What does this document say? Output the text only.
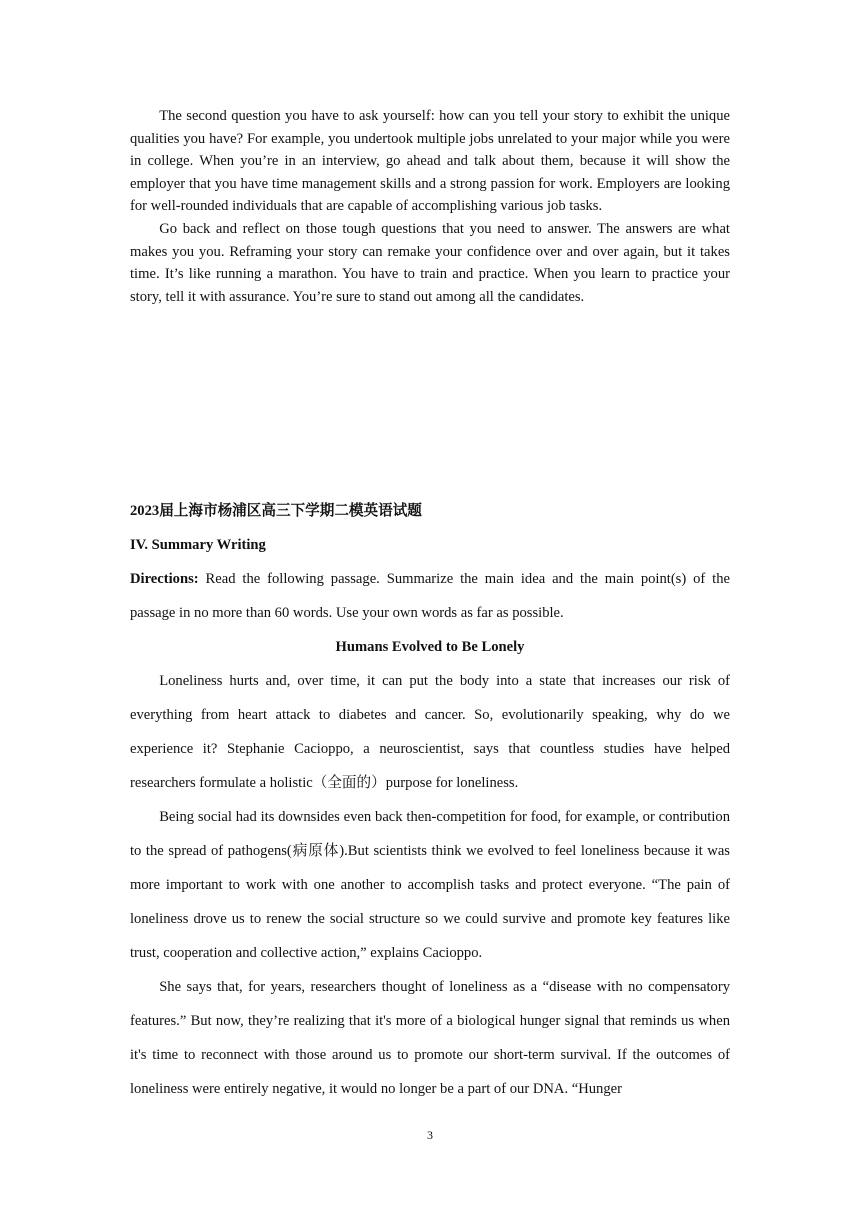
The second question you have to ask yourself: how can you tell your story to exhibit the unique qualities you have? For example, you undertook multiple jobs unrelated to your major while you were in college. When you’re in an interview, go ahead and talk about them, because it will show the employer that you have time management skills and a strong passion for work. Employers are looking for well-rounded individuals that are capable of accomplishing various job tasks.

Go back and reflect on those tough questions that you need to answer. The answers are what makes you you. Reframing your story can remake your confidence over and over again, but it takes time. It’s like running a marathon. You have to train and practice. When you learn to practice your story, tell it with assurance. You’re sure to stand out among all the candidates.

2023届上海市杨浦区高三下学期二模英语试题

IV. Summary Writing

Directions: Read the following passage. Summarize the main idea and the main point(s) of the passage in no more than 60 words. Use your own words as far as possible.

Humans Evolved to Be Lonely

Loneliness hurts and, over time, it can put the body into a state that increases our risk of everything from heart attack to diabetes and cancer. So, evolutionarily speaking, why do we experience it? Stephanie Cacioppo, a neuroscientist, says that countless studies have helped researchers formulate a holistic（全面的）purpose for loneliness.

Being social had its downsides even back then-competition for food, for example, or contribution to the spread of pathogens(病原体).But scientists think we evolved to feel loneliness because it was more important to work with one another to accomplish tasks and protect everyone. “The pain of loneliness drove us to renew the social structure so we could survive and promote key features like trust, cooperation and collective action,” explains Cacioppo.

She says that, for years, researchers thought of loneliness as a “disease with no compensatory features.” But now, they’re realizing that it's more of a biological hunger signal that reminds us when it's time to reconnect with those around us to promote our short-term survival. If the outcomes of loneliness were entirely negative, it would no longer be a part of our DNA. “Hunger

3
